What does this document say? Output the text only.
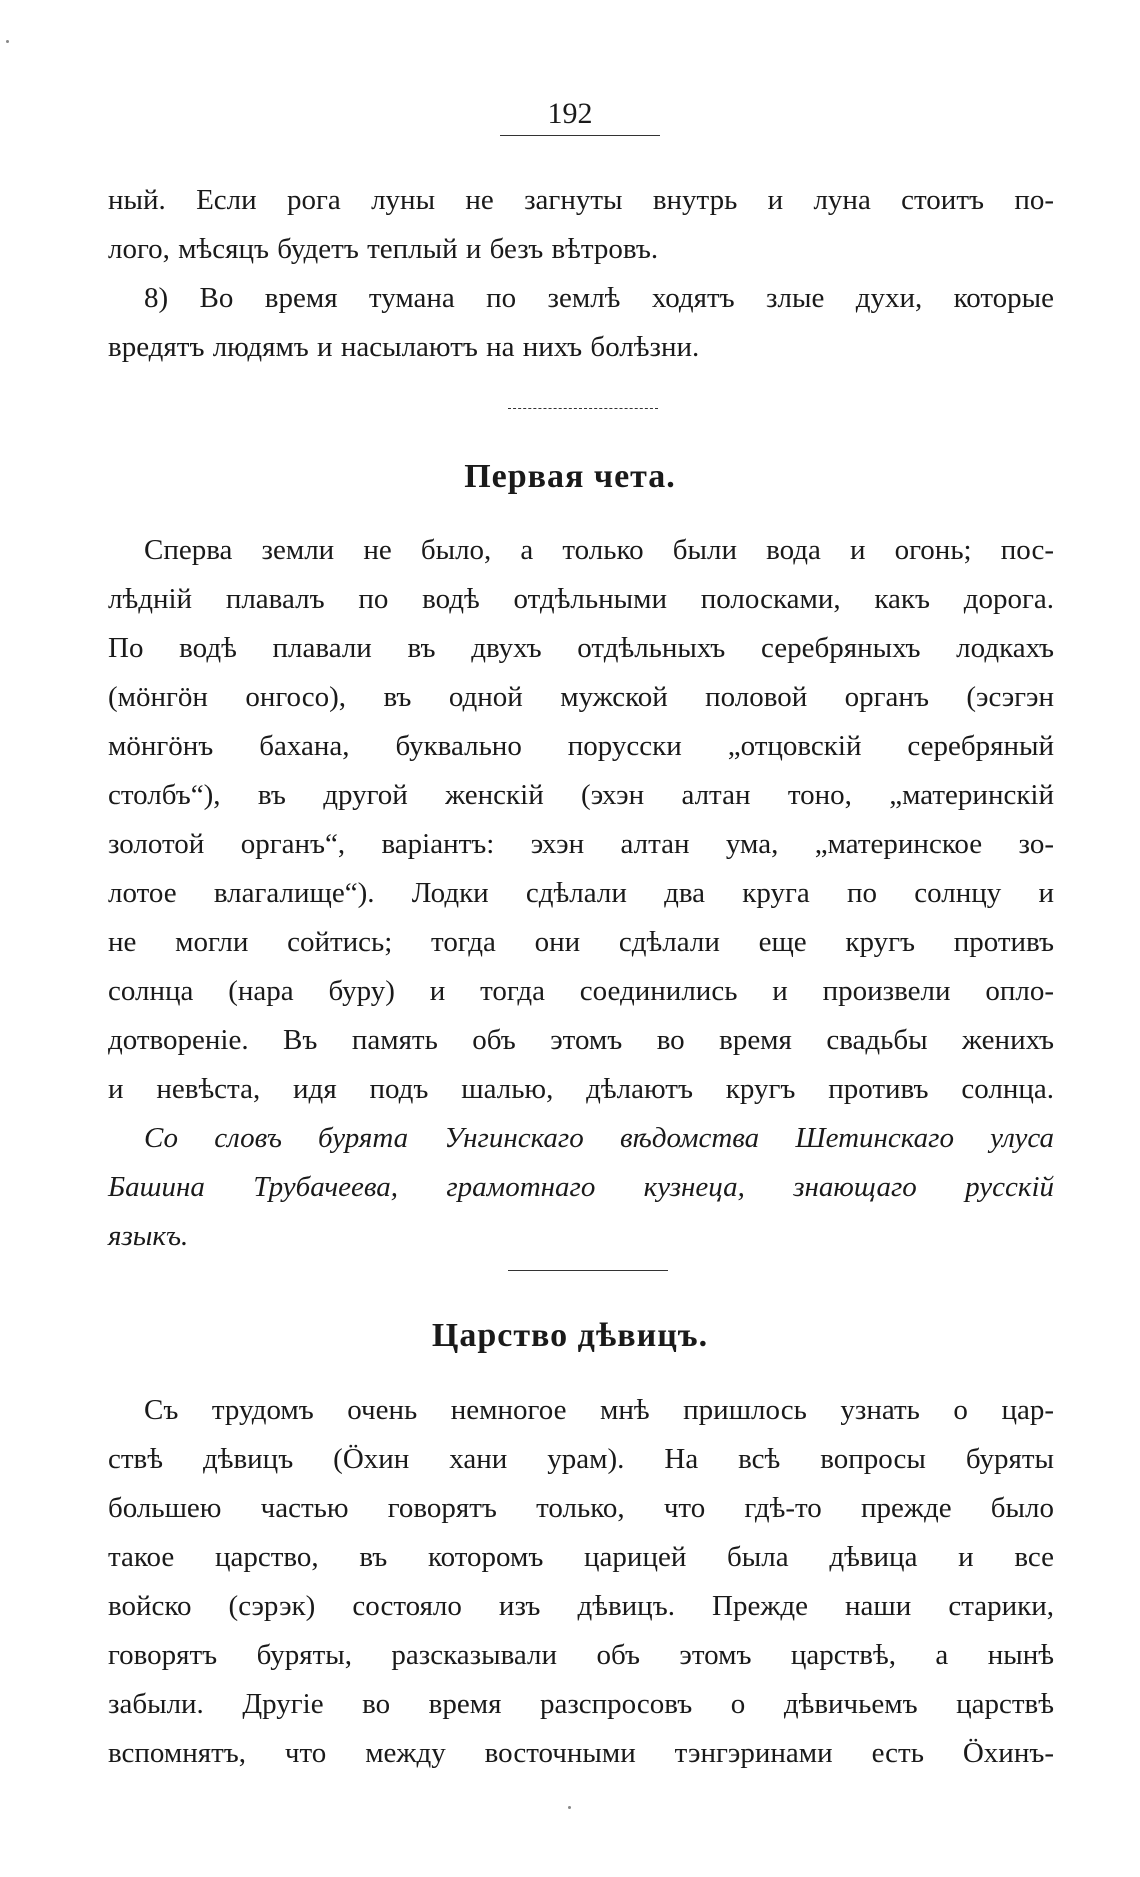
192
ный. Если рога луны не загнуты внутрь и луна стоитъ по-
лого, мѣсяцъ будетъ теплый и безъ вѣтровъ.
8) Во время тумана по землѣ ходятъ злые духи, которые
вредятъ людямъ и насылаютъ на нихъ болѣзни.
Первая чета.
Сперва земли не было, а только были вода и огонь; пос-
лѣдній плавалъ по водѣ отдѣльными полосками, какъ дорога.
По водѣ плавали въ двухъ отдѣльныхъ серебряныхъ лодкахъ
(мöнгöн онгосо), въ одной мужской половой органъ (эсэгэн
мöнгöнъ бахана, буквально порусски „отцовскій серебряный
столбъ“), въ другой женскій (эхэн алтан тоно, „материнскій
золотой органъ“, варіантъ: эхэн алтан ума, „материнское зо-
лотое влагалище“). Лодки сдѣлали два круга по солнцу и
не могли сойтись; тогда они сдѣлали еще кругъ противъ
солнца (нара буру) и тогда соединились и произвели опло-
дотвореніе. Въ память объ этомъ во время свадьбы женихъ
и невѣста, идя подъ шалью, дѣлаютъ кругъ противъ солнца.
Со словъ бурята Унгинскаго вѣдомства Шетинскаго улуса
Башина Трубачеева, грамотнаго кузнеца, знающаго русскій
языкъ.
Царство дѣвицъ.
Съ трудомъ очень немногое мнѣ пришлось узнать о цар-
ствѣ дѣвицъ (Öхин хани урам). На всѣ вопросы буряты
большею частью говорятъ только, что гдѣ-то прежде было
такое царство, въ которомъ царицей была дѣвица и все
войско (сэрэк) состояло изъ дѣвицъ. Прежде наши старики,
говорятъ буряты, разсказывали объ этомъ царствѣ, а нынѣ
забыли. Другіе во время разспросовъ о дѣвичьемъ царствѣ
вспомнятъ, что между восточными тэнгэринами есть Öхинъ-
